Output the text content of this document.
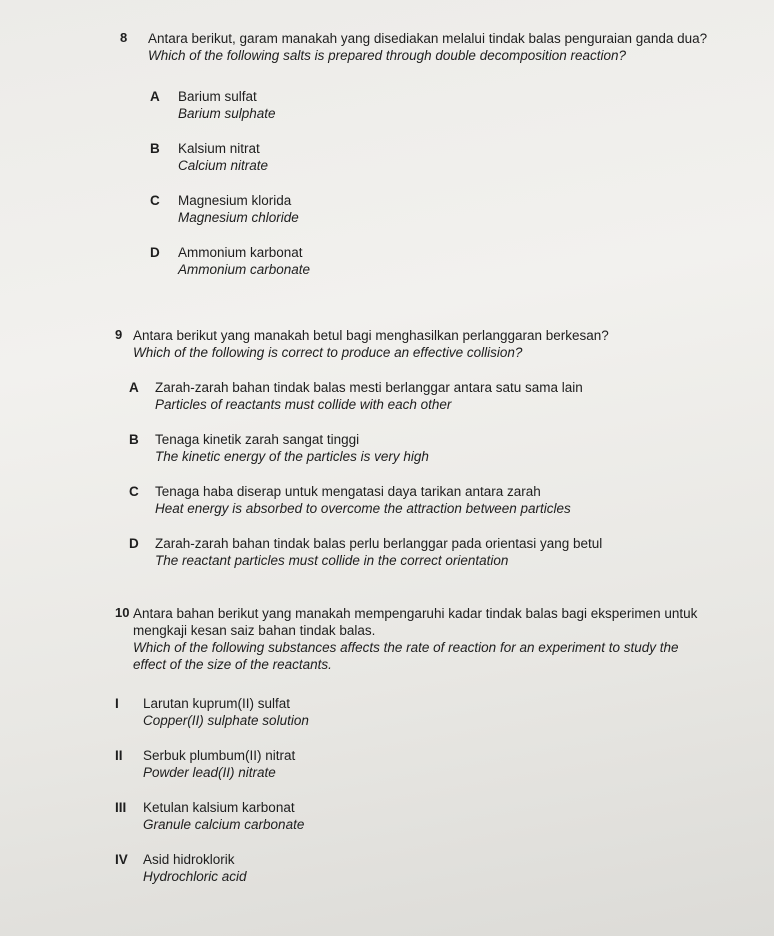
8 Antara berikut, garam manakah yang disediakan melalui tindak balas penguraian ganda dua?
Which of the following salts is prepared through double decomposition reaction?
A Barium sulfat
Barium sulphate
B Kalsium nitrat
Calcium nitrate
C Magnesium klorida
Magnesium chloride
D Ammonium karbonat
Ammonium carbonate
9 Antara berikut yang manakah betul bagi menghasilkan perlanggaran berkesan?
Which of the following is correct to produce an effective collision?
A Zarah-zarah bahan tindak balas mesti berlanggar antara satu sama lain
Particles of reactants must collide with each other
B Tenaga kinetik zarah sangat tinggi
The kinetic energy of the particles is very high
C Tenaga haba diserap untuk mengatasi daya tarikan antara zarah
Heat energy is absorbed to overcome the attraction between particles
D Zarah-zarah bahan tindak balas perlu berlanggar pada orientasi yang betul
The reactant particles must collide in the correct orientation
10 Antara bahan berikut yang manakah mempengaruhi kadar tindak balas bagi eksperimen untuk mengkaji kesan saiz bahan tindak balas.
Which of the following substances affects the rate of reaction for an experiment to study the effect of the size of the reactants.
I Larutan kuprum(II) sulfat
Copper(II) sulphate solution
II Serbuk plumbum(II) nitrat
Powder lead(II) nitrate
III Ketulan kalsium karbonat
Granule calcium carbonate
IV Asid hidroklorik
Hydrochloric acid
